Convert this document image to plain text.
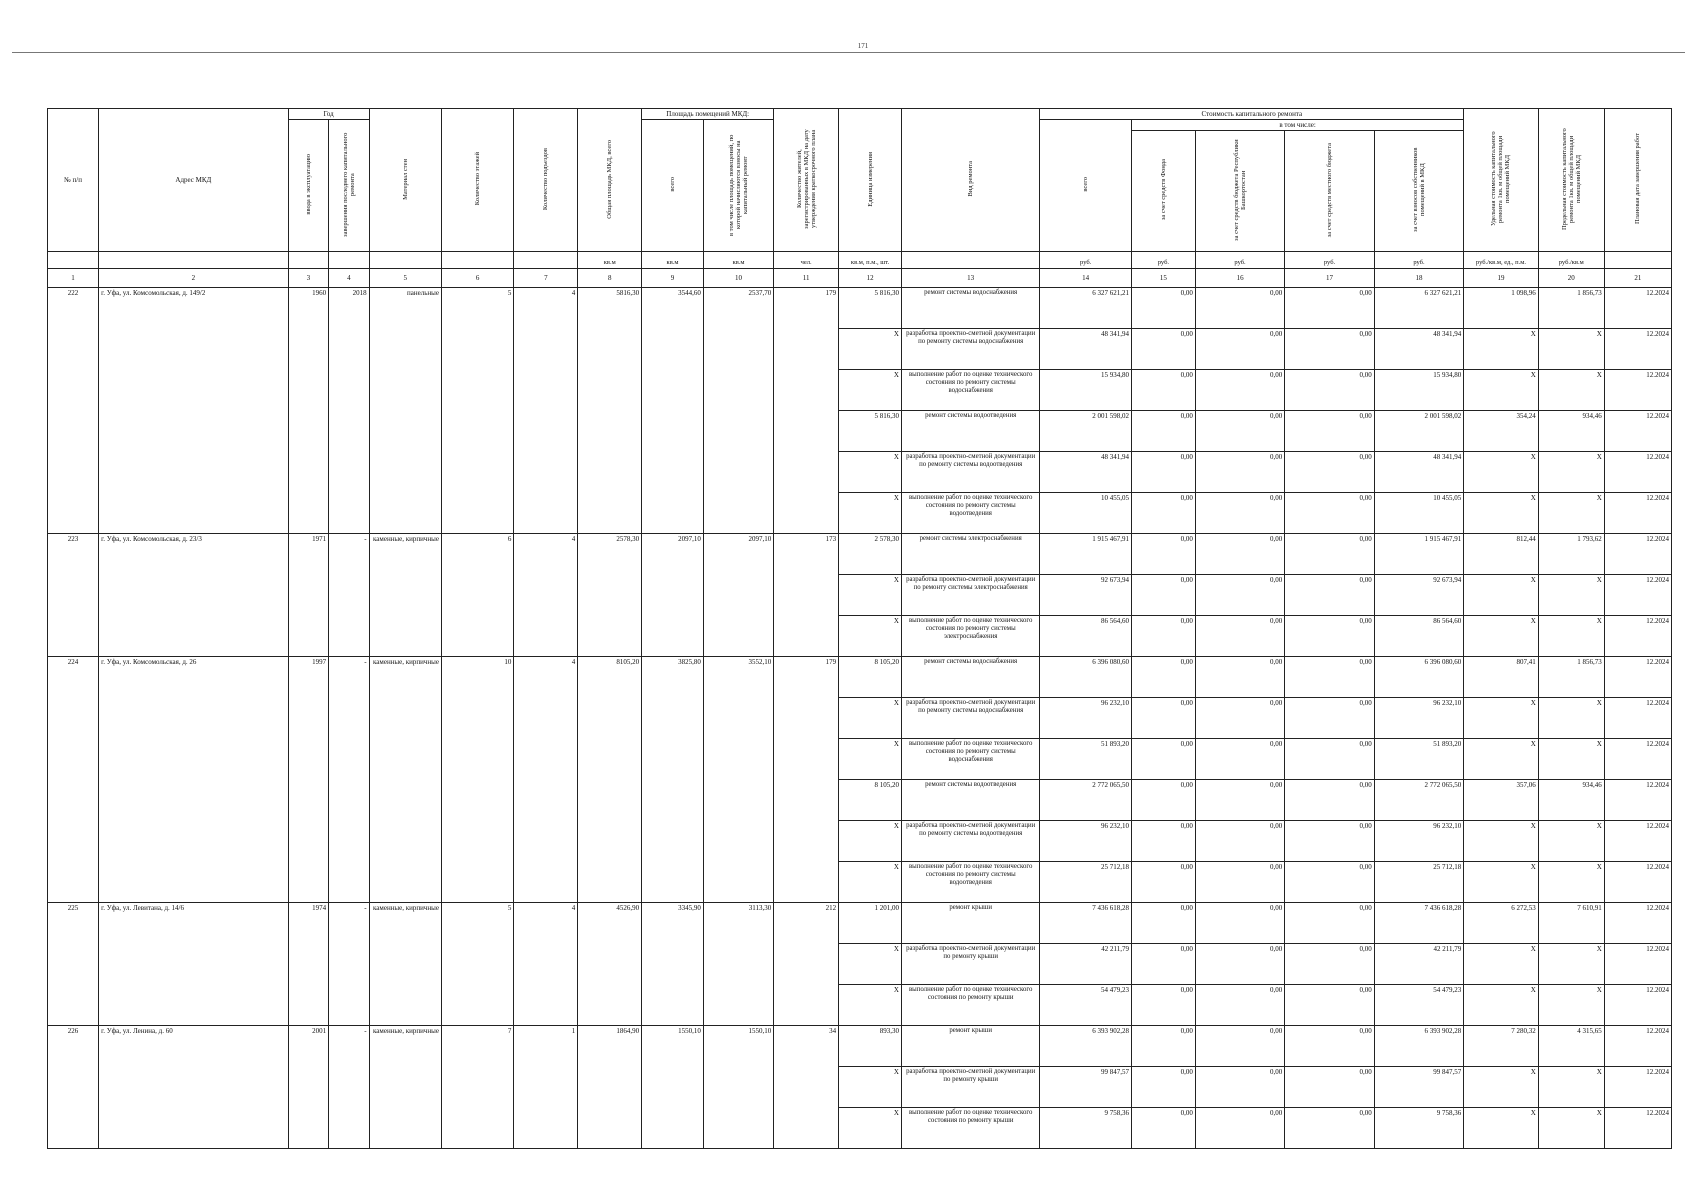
171
№ п/п	Адрес МКД	Год		Материал стен	Количество этажей	Количество подъездов	Общая площадь МКД, всего	Площадь помещений МКД:		Количество жителей, зарегистрированных в МКД на дату утверждения краткосрочного плана	Единица измерения	Вид ремонта	Стоимость капитального ремонта					Удельная стоимость капитального ремонта 1кв. м общей площади помещений МКД	Предельная стоимость капитального ремонта 1кв. м общей площади помещений МКД	Плановая дата завершения работ
		ввода в эксплуатацию	завершения последнего капитального ремонта					всего	в том числе площадь помещений, по которой начисляются взносы на капитальный ремонт				всего	в том числе:						
														за счет средств Фонда	за счет средств бюджета Республики Башкортостан	за счет средств местного бюджета	за счет взносов собственников помещений в МКД			
							кв.м	кв.м	кв.м	чел.	кв.м, п.м., шт.		руб.	руб.	руб.	руб.	руб.	руб./кв.м, ед., п.м.	руб./кв.м	
1	2	3	4	5	6	7	8	9	10	11	12	13	14	15	16	17	18	19	20	21
222	г. Уфа, ул. Комсомольская, д. 149/2	1960	2018	панельные	5	4	5816,30	3544,60	2537,70	179	5 816,30	ремонт системы водоснабжения	6 327 621,21	0,00	0,00	0,00	6 327 621,21	1 098,96	1 856,73	12.2024
											X	разработка проектно-сметной документации по ремонту системы водоснабжения	48 341,94	0,00	0,00	0,00	48 341,94	X	X	12.2024
											X	выполнение работ по оценке технического состояния по ремонту системы водоснабжения	15 934,80	0,00	0,00	0,00	15 934,80	X	X	12.2024
											5 816,30	ремонт системы водоотведения	2 001 598,02	0,00	0,00	0,00	2 001 598,02	354,24	934,46	12.2024
											X	разработка проектно-сметной документации по ремонту системы водоотведения	48 341,94	0,00	0,00	0,00	48 341,94	X	X	12.2024
											X	выполнение работ по оценке технического состояния по ремонту системы водоотведения	10 455,05	0,00	0,00	0,00	10 455,05	X	X	12.2024
223	г. Уфа, ул. Комсомольская, д. 23/3	1971	-	каменные, кирпичные	6	4	2578,30	2097,10	2097,10	173	2 578,30	ремонт системы электроснабжения	1 915 467,91	0,00	0,00	0,00	1 915 467,91	812,44	1 793,62	12.2024
											X	разработка проектно-сметной документации по ремонту системы электроснабжения	92 673,94	0,00	0,00	0,00	92 673,94	X	X	12.2024
											X	выполнение работ по оценке технического состояния по ремонту системы электроснабжения	86 564,60	0,00	0,00	0,00	86 564,60	X	X	12.2024
224	г. Уфа, ул. Комсомольская, д. 26	1997	-	каменные, кирпичные	10	4	8105,20	3825,80	3552,10	179	8 105,20	ремонт системы водоснабжения	6 396 080,60	0,00	0,00	0,00	6 396 080,60	807,41	1 856,73	12.2024
											X	разработка проектно-сметной документации по ремонту системы водоснабжения	96 232,10	0,00	0,00	0,00	96 232,10	X	X	12.2024
											X	выполнение работ по оценке технического состояния по ремонту системы водоснабжения	51 893,20	0,00	0,00	0,00	51 893,20	X	X	12.2024
											8 105,20	ремонт системы водоотведения	2 772 065,50	0,00	0,00	0,00	2 772 065,50	357,06	934,46	12.2024
											X	разработка проектно-сметной документации по ремонту системы водоотведения	96 232,10	0,00	0,00	0,00	96 232,10	X	X	12.2024
											X	выполнение работ по оценке технического состояния по ремонту системы водоотведения	25 712,18	0,00	0,00	0,00	25 712,18	X	X	12.2024
225	г. Уфа, ул. Левитана, д. 14/6	1974	-	каменные, кирпичные	5	4	4526,90	3345,90	3113,30	212	1 201,00	ремонт крыши	7 436 618,28	0,00	0,00	0,00	7 436 618,28	6 272,53	7 610,91	12.2024
											X	разработка проектно-сметной документации по ремонту крыши	42 211,79	0,00	0,00	0,00	42 211,79	X	X	12.2024
											X	выполнение работ по оценке технического состояния по ремонту крыши	54 479,23	0,00	0,00	0,00	54 479,23	X	X	12.2024
226	г. Уфа, ул. Ленина, д. 60	2001	-	каменные, кирпичные	7	1	1864,90	1550,10	1550,10	34	893,30	ремонт крыши	6 393 902,28	0,00	0,00	0,00	6 393 902,28	7 280,32	4 315,65	12.2024
											X	разработка проектно-сметной документации по ремонту крыши	99 847,57	0,00	0,00	0,00	99 847,57	X	X	12.2024
											X	выполнение работ по оценке технического состояния по ремонту крыши	9 758,36	0,00	0,00	0,00	9 758,36	X	X	12.2024
